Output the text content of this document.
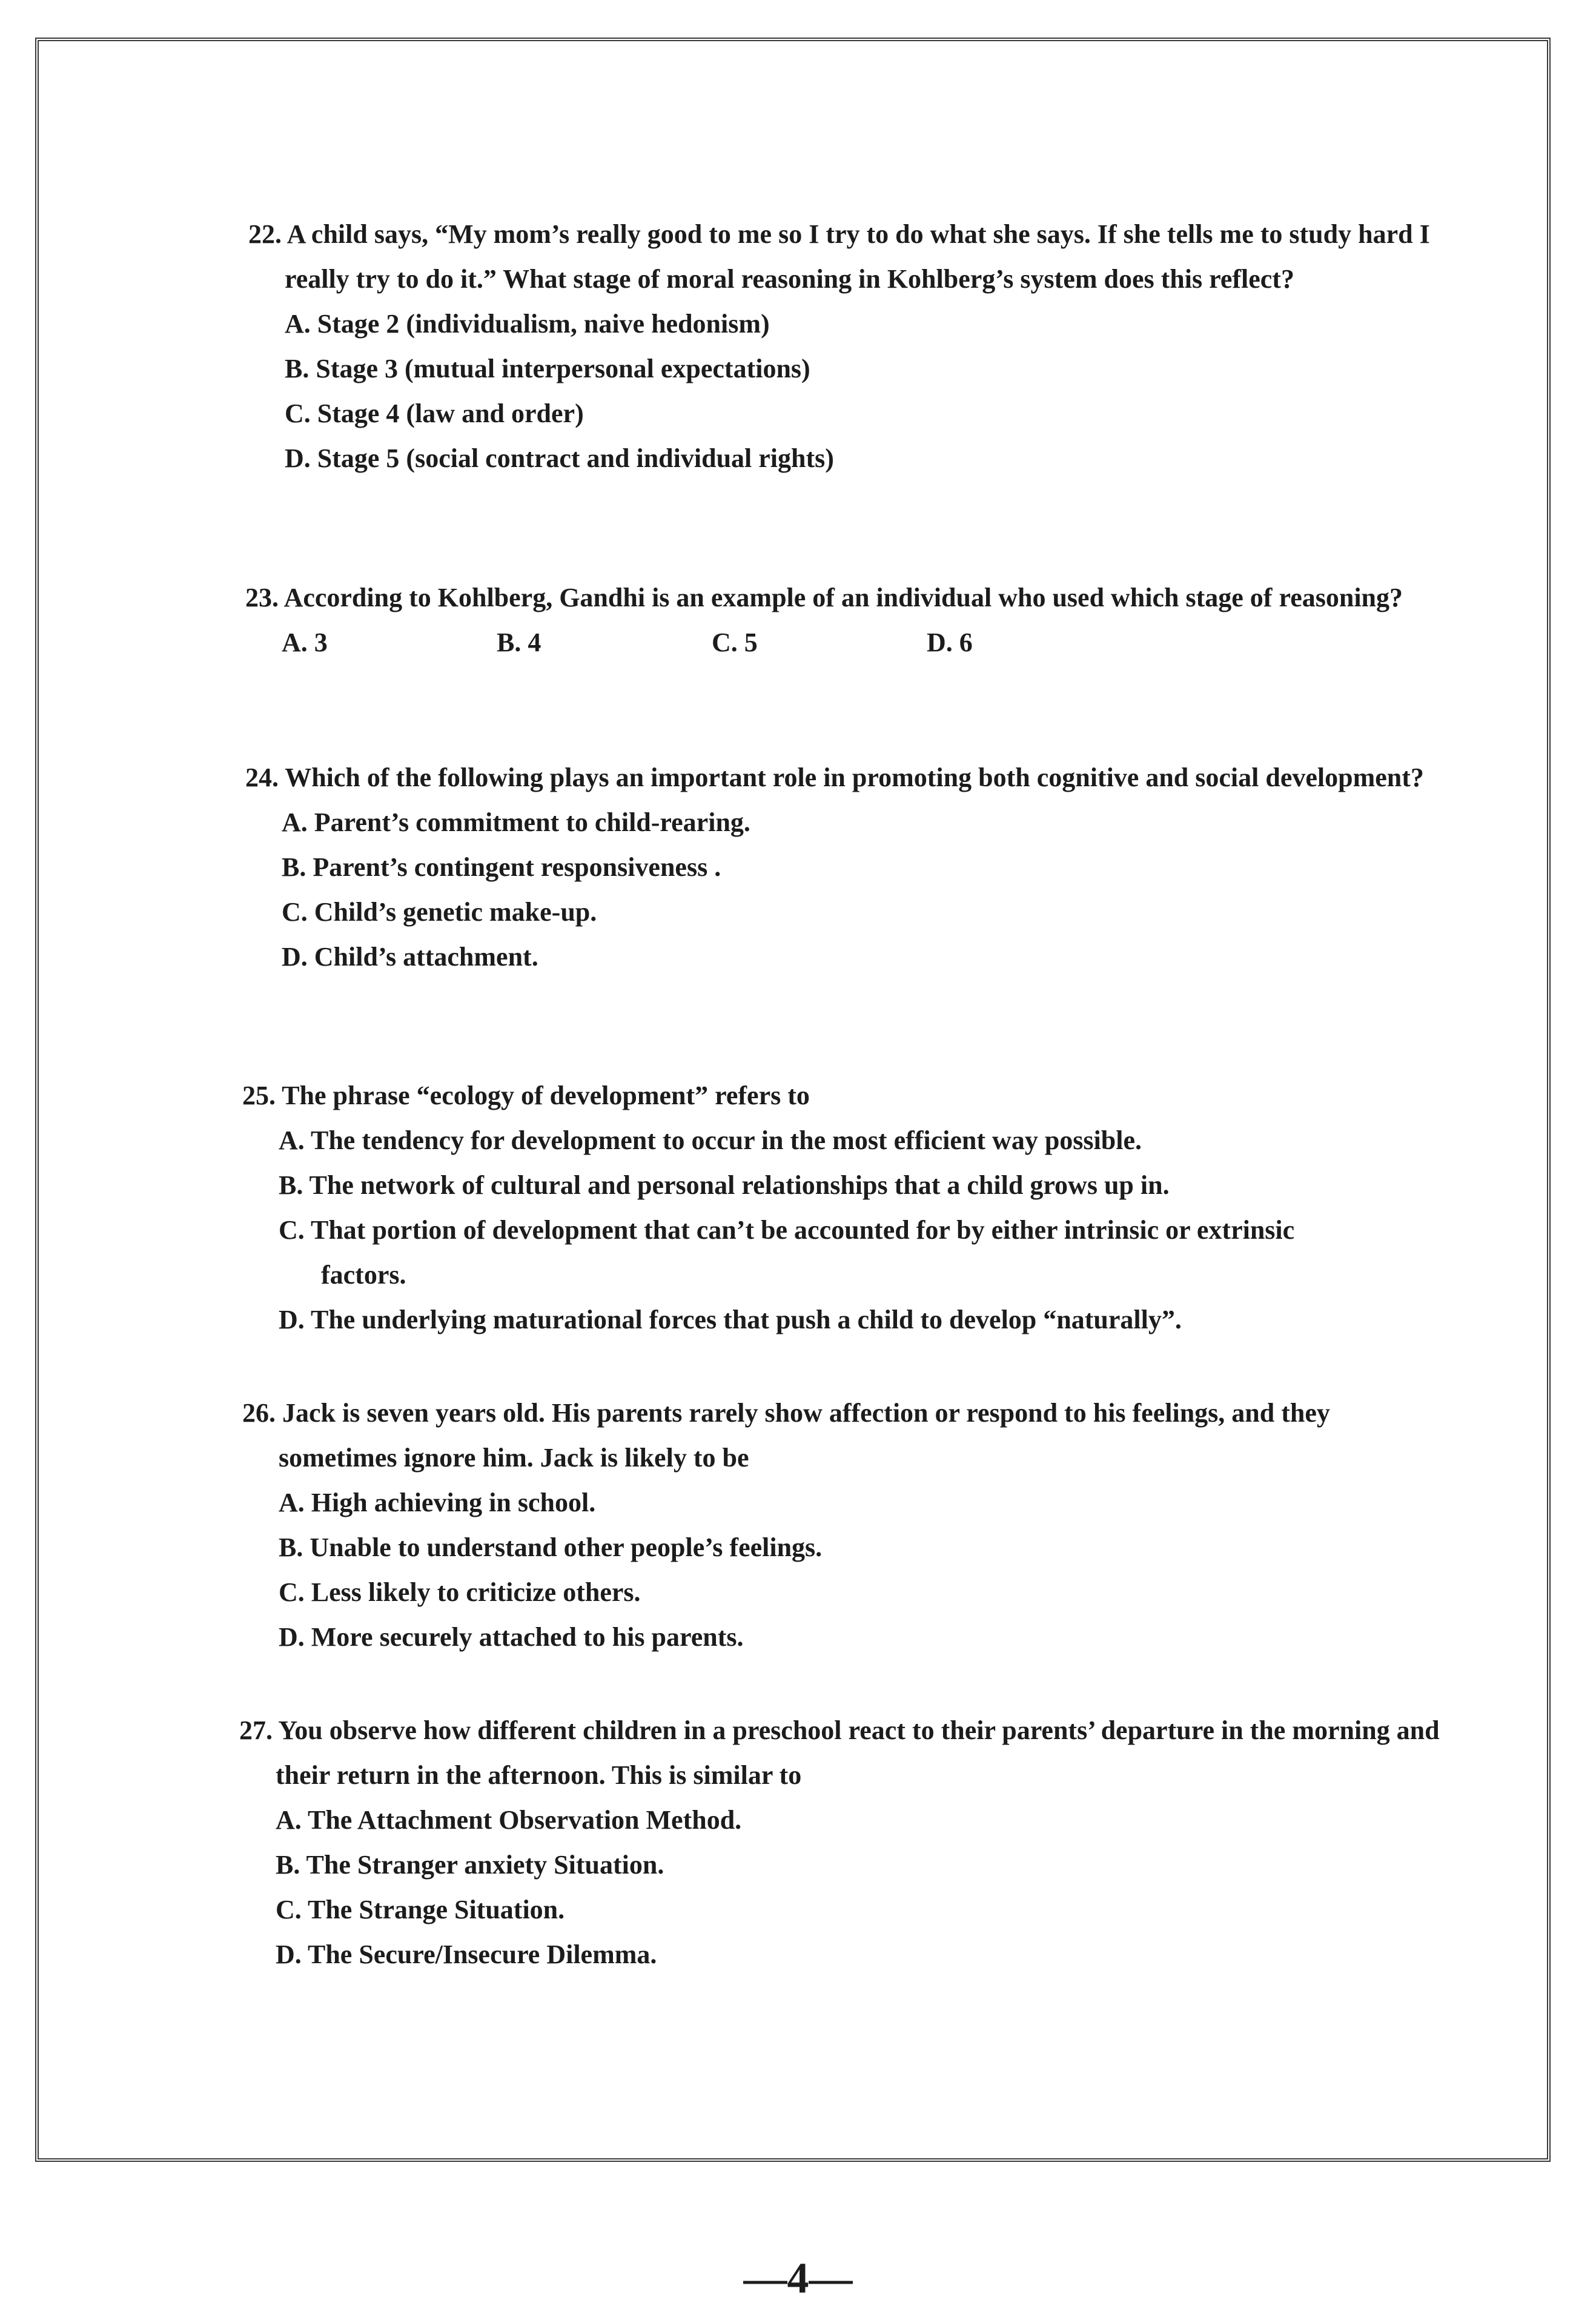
22. A child says, “My mom’s really good to me so I try to do what she says. If she tells me to study hard I really try to do it.” What stage of moral reasoning in Kohlberg’s system does this reflect?
A. Stage 2 (individualism, naive hedonism)
B. Stage 3 (mutual interpersonal expectations)
C. Stage 4 (law and order)
D. Stage 5 (social contract and individual rights)
23. According to Kohlberg, Gandhi is an example of an individual who used which stage of reasoning?
A. 3	B. 4	C. 5	D. 6
24. Which of the following plays an important role in promoting both cognitive and social development?
A. Parent’s commitment to child-rearing.
B. Parent’s contingent responsiveness .
C. Child’s genetic make-up.
D. Child’s attachment.
25. The phrase “ecology of development” refers to
A. The tendency for development to occur in the most efficient way possible.
B. The network of cultural and personal relationships that a child grows up in.
C. That portion of development that can’t be accounted for by either intrinsic or extrinsic factors.
D. The underlying maturational forces that push a child to develop “naturally”.
26. Jack is seven years old. His parents rarely show affection or respond to his feelings, and they sometimes ignore him. Jack is likely to be
A. High achieving in school.
B. Unable to understand other people’s feelings.
C. Less likely to criticize others.
D. More securely attached to his parents.
27. You observe how different children in a preschool react to their parents’ departure in the morning and their return in the afternoon. This is similar to
A. The Attachment Observation Method.
B. The Stranger anxiety Situation.
C. The Strange Situation.
D. The Secure/Insecure Dilemma.
—4—
